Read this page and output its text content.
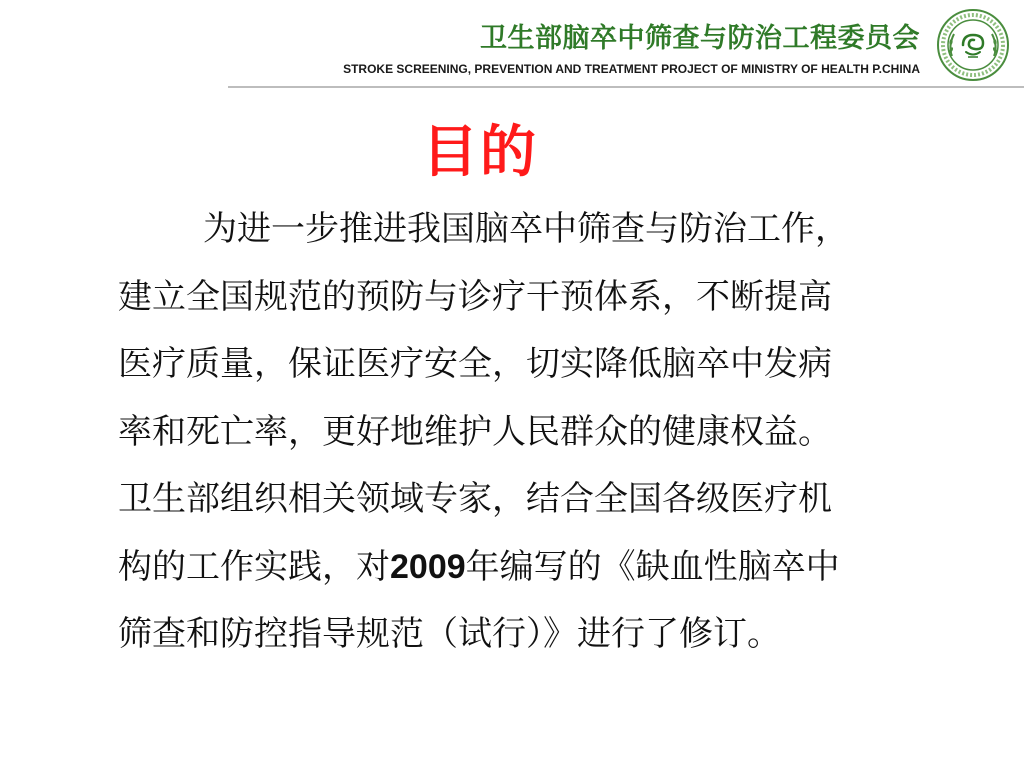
卫生部脑卒中筛查与防治工程委员会
STROKE SCREENING, PREVENTION AND TREATMENT PROJECT OF MINISTRY OF HEALTH P.CHINA
目的
为进一步推进我国脑卒中筛查与防治工作，
建立全国规范的预防与诊疗干预体系，不断提高
医疗质量，保证医疗安全，切实降低脑卒中发病
率和死亡率，更好地维护人民群众的健康权益。
卫生部组织相关领域专家，结合全国各级医疗机
构的工作实践，对2009年编写的《缺血性脑卒中
筛查和防控指导规范（试行）》进行了修订。
